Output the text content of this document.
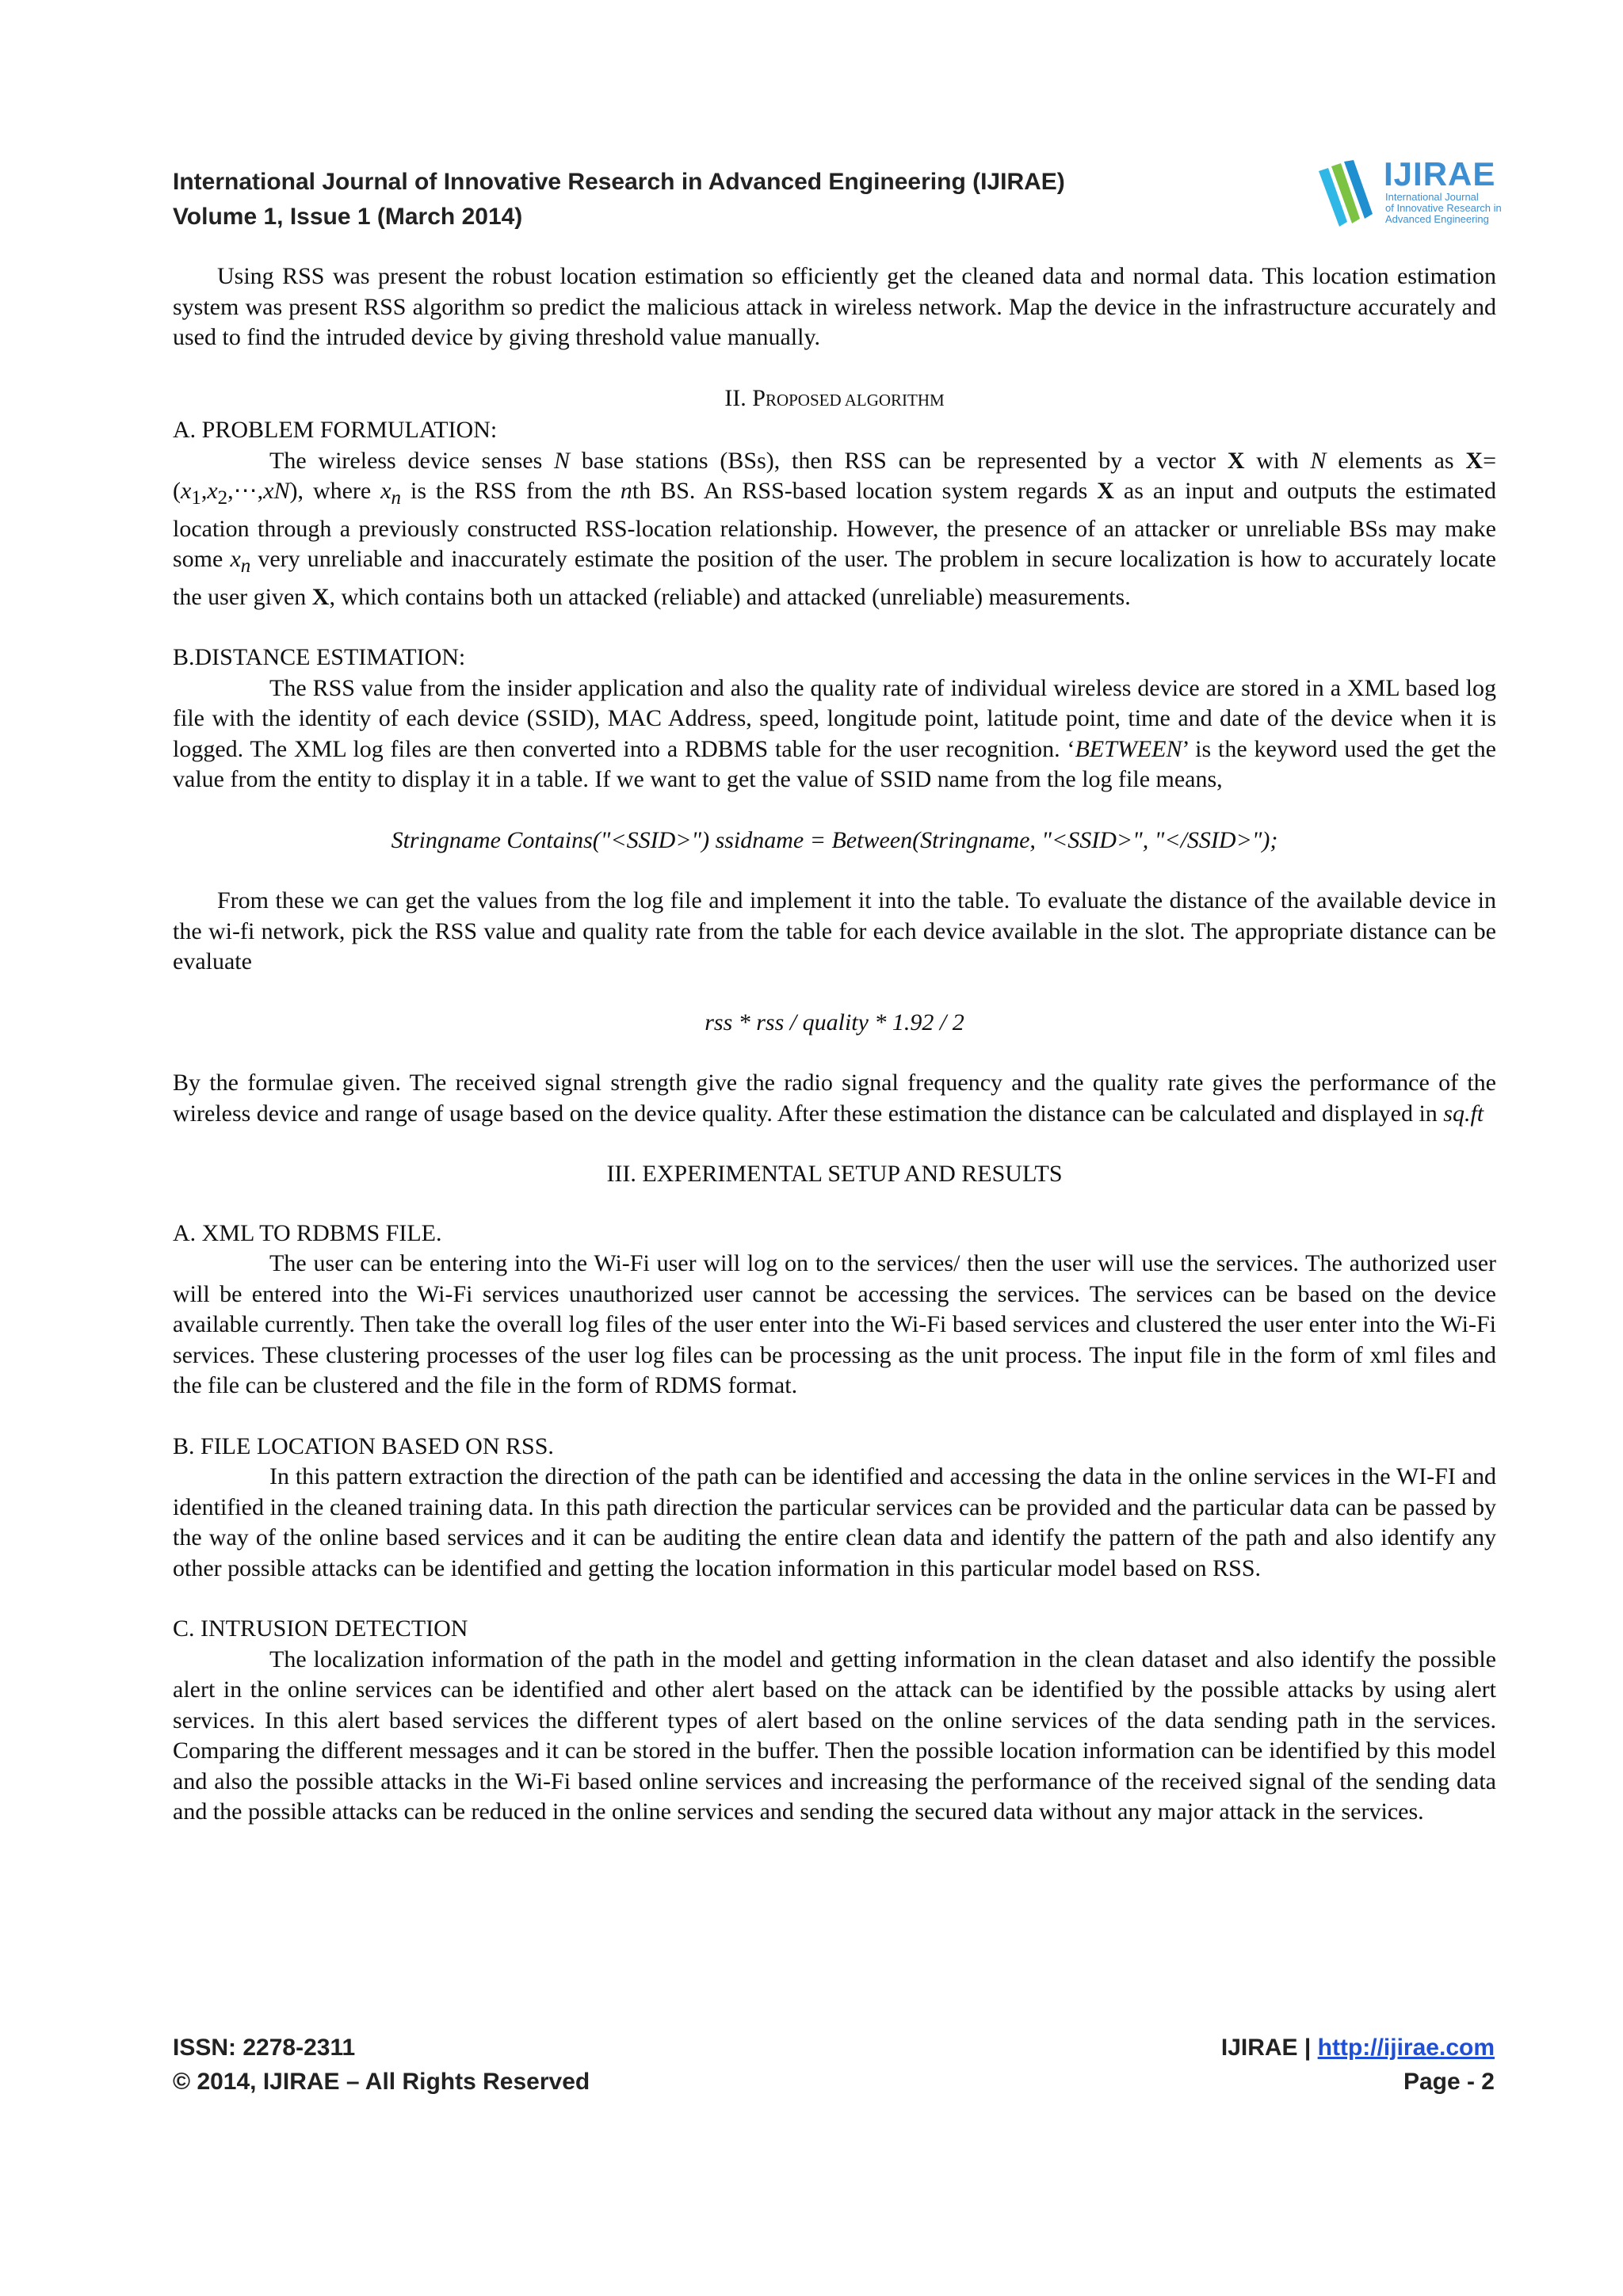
International Journal of Innovative Research in Advanced Engineering (IJIRAE)
Volume 1, Issue 1 (March 2014)
IJIRAE
International Journal
of Innovative Research in
Advanced Engineering

Using RSS was present the robust location estimation so efficiently get the cleaned data and normal data. This location estimation system was present RSS algorithm so predict the malicious attack in wireless network. Map the device in the infrastructure accurately and used to find the intruded device by giving threshold value manually.

II. PROPOSED ALGORITHM

A. PROBLEM FORMULATION:

The wireless device senses N base stations (BSs), then RSS can be represented by a vector X with N elements as $X=(x_1,x_2,\cdots,xN)$, where $x_n$ is the RSS from the nth BS. An RSS-based location system regards X as an input and outputs the estimated location through a previously constructed RSS-location relationship. However, the presence of an attacker or unreliable BSs may make some $x_n$ very unreliable and inaccurately estimate the position of the user. The problem in secure localization is how to accurately locate the user given X, which contains both un attacked (reliable) and attacked (unreliable) measurements.

B.DISTANCE ESTIMATION:

The RSS value from the insider application and also the quality rate of individual wireless device are stored in a XML based log file with the identity of each device (SSID), MAC Address, speed, longitude point, latitude point, time and date of the device when it is logged. The XML log files are then converted into a RDBMS table for the user recognition. ‘BETWEEN’ is the keyword used the get the value from the entity to display it in a table. If we want to get the value of SSID name from the log file means,

Stringname Contains("<SSID>") ssidname = Between(Stringname, "<SSID>", "</SSID>");

From these we can get the values from the log file and implement it into the table. To evaluate the distance of the available device in the wi-fi network, pick the RSS value and quality rate from the table for each device available in the slot. The appropriate distance can be evaluate

rss * rss / quality * 1.92 / 2

By the formulae given. The received signal strength give the radio signal frequency and the quality rate gives the performance of the wireless device and range of usage based on the device quality. After these estimation the distance can be calculated and displayed in sq.ft

III. EXPERIMENTAL SETUP AND RESULTS

A. XML TO RDBMS FILE.

The user can be entering into the Wi-Fi user will log on to the services/ then the user will use the services. The authorized user will be entered into the Wi-Fi services unauthorized user cannot be accessing the services. The services can be based on the device available currently. Then take the overall log files of the user enter into the Wi-Fi based services and clustered the user enter into the Wi-Fi services. These clustering processes of the user log files can be processing as the unit process. The input file in the form of xml files and the file can be clustered and the file in the form of RDMS format.

B. FILE LOCATION BASED ON RSS.

In this pattern extraction the direction of the path can be identified and accessing the data in the online services in the WI-FI and identified in the cleaned training data. In this path direction the particular services can be provided and the particular data can be passed by the way of the online based services and it can be auditing the entire clean data and identify the pattern of the path and also identify any other possible attacks can be identified and getting the location information in this particular model based on RSS.

C. INTRUSION DETECTION

The localization information of the path in the model and getting information in the clean dataset and also identify the possible alert in the online services can be identified and other alert based on the attack can be identified by the possible attacks by using alert services. In this alert based services the different types of alert based on the online services of the data sending path in the services. Comparing the different messages and it can be stored in the buffer. Then the possible location information can be identified by this model and also the possible attacks in the Wi-Fi based online services and increasing the performance of the received signal of the sending data and the possible attacks can be reduced in the online services and sending the secured data without any major attack in the services.

ISSN: 2278-2311
© 2014, IJIRAE – All Rights Reserved
IJIRAE | http://ijirae.com
Page - 2
